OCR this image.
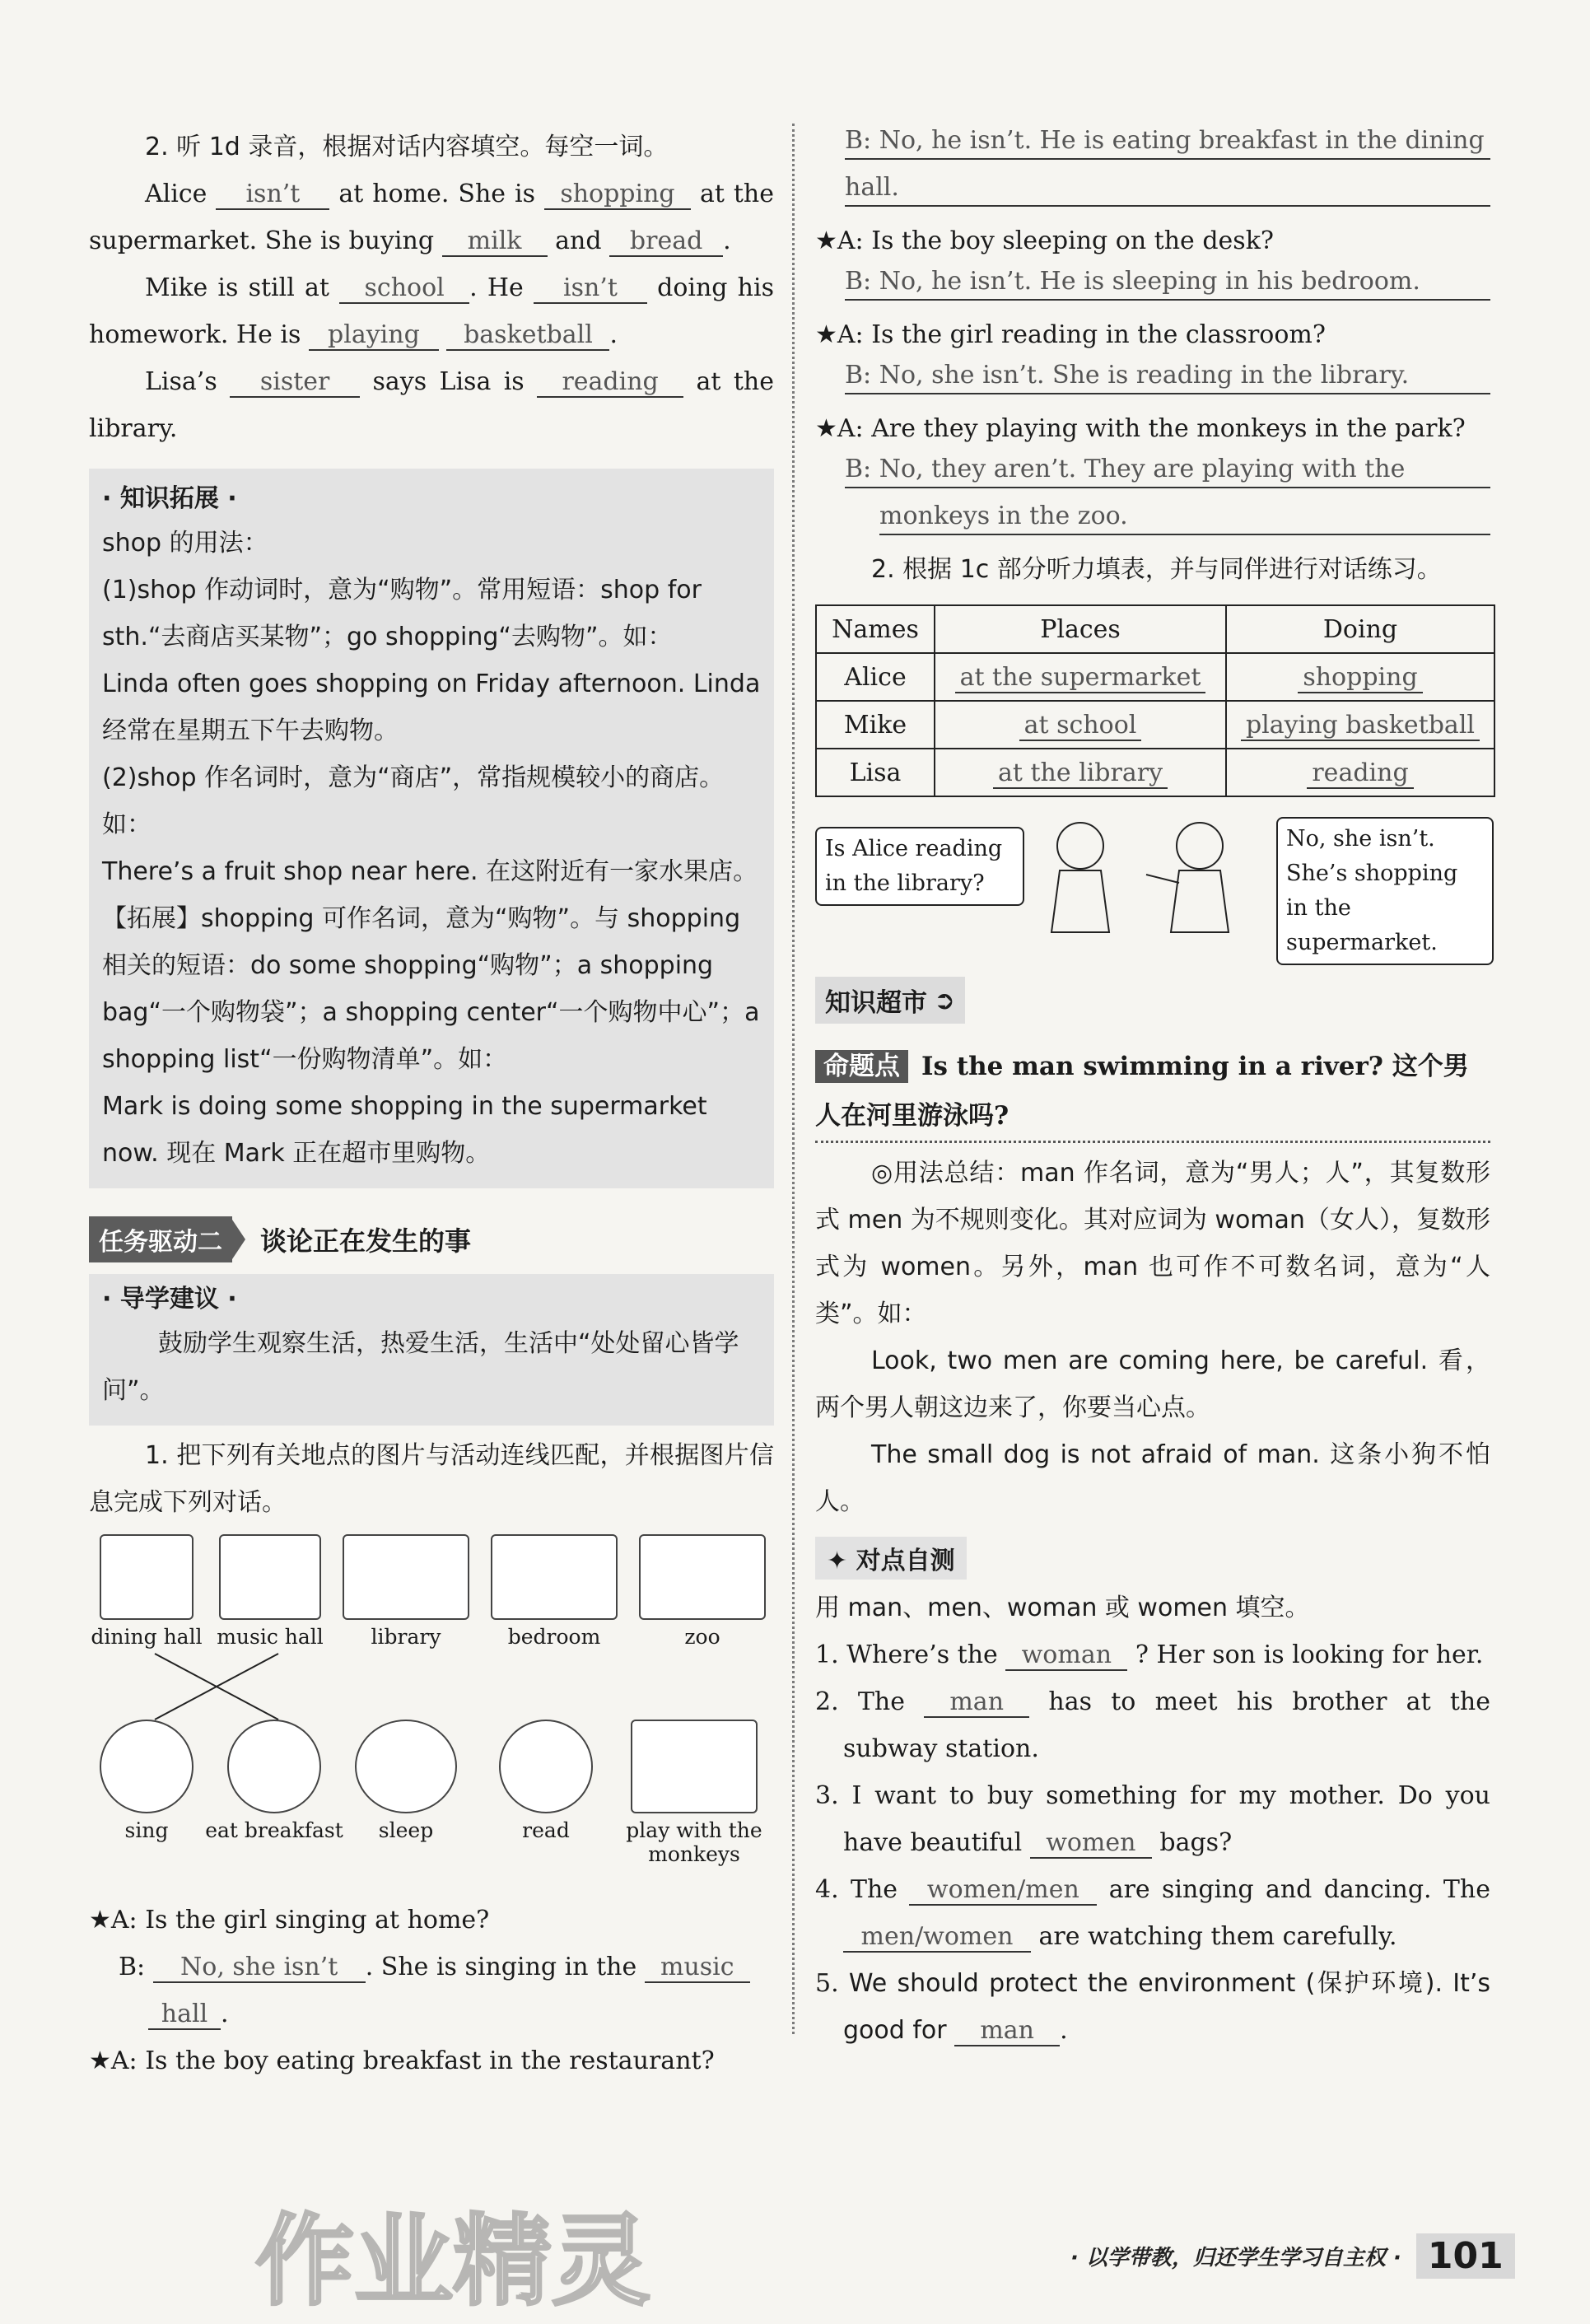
2. 听 1d 录音，根据对话内容填空。每空一词。

Alice isn’t at home. She is shopping at the supermarket. She is buying milk and bread .

Mike is still at school . He isn’t doing his homework. He is playing basketball .

Lisa’s sister says Lisa is reading at the library.

· 知识拓展 ·

shop 的用法：

(1)shop 作动词时，意为“购物”。常用短语：shop for sth.“去商店买某物”；go shopping“去购物”。如：

Linda often goes shopping on Friday afternoon. Linda 经常在星期五下午去购物。

(2)shop 作名词时，意为“商店”，常指规模较小的商店。如：

There’s a fruit shop near here. 在这附近有一家水果店。

【拓展】shopping 可作名词，意为“购物”。与 shopping 相关的短语：do some shopping“购物”；a shopping bag“一个购物袋”；a shopping center“一个购物中心”；a shopping list“一份购物清单”。如：

Mark is doing some shopping in the supermarket now. 现在 Mark 正在超市里购物。

任务驱动二	谈论正在发生的事
· 导学建议 ·

鼓励学生观察生活，热爱生活，生活中“处处留心皆学问”。

1. 把下列有关地点的图片与活动连线匹配，并根据图片信息完成下列对话。

dining hall music hall	library	bedroom	zoo
sing	eat breakfast	sleep	read	play with the monkeys

★A: Is the girl singing at home?

B: No, she isn’t . She is singing in the music
hall .

★A: Is the boy eating breakfast in the restaurant?

B: No, he isn’t. He is eating breakfast in the dining
hall.

★A: Is the boy sleeping on the desk?

B: No, he isn’t. He is sleeping in his bedroom.

★A: Is the girl reading in the classroom?

B: No, she isn’t. She is reading in the library.

★A: Are they playing with the monkeys in the park?

B: No, they aren’t. They are playing with the
monkeys in the zoo.

2. 根据 1c 部分听力填表，并与同伴进行对话练习。

Names	Places	Doing
Alice	at the supermarket	shopping
Mike	at school	playing basketball
Lisa	at the library	reading
Is Alice reading in the library?
No, she isn’t. She’s shopping in the supermarket.
知识超市 ➲

命题点 Is the man swimming in a river? 这个男人在河里游泳吗?

◎用法总结：man 作名词，意为“男人；人”，其复数形式 men 为不规则变化。其对应词为 woman（女人），复数形式为 women。另外，man 也可作不可数名词，意为“人类”。如：

Look, two men are coming here, be careful. 看，两个男人朝这边来了，你要当心点。

The small dog is not afraid of man. 这条小狗不怕人。

✦ 对点自测

用 man、men、woman 或 women 填空。

1. Where’s the woman ? Her son is looking for her.

2. The man has to meet his brother at the subway station.

3. I want to buy something for my mother. Do you have beautiful women bags?

4. The women/men are singing and dancing. The men/women are watching them carefully.

5. We should protect the environment (保护环境). It’s good for man .

作业精灵	· 以学带教，归还学生学习自主权 · 101
